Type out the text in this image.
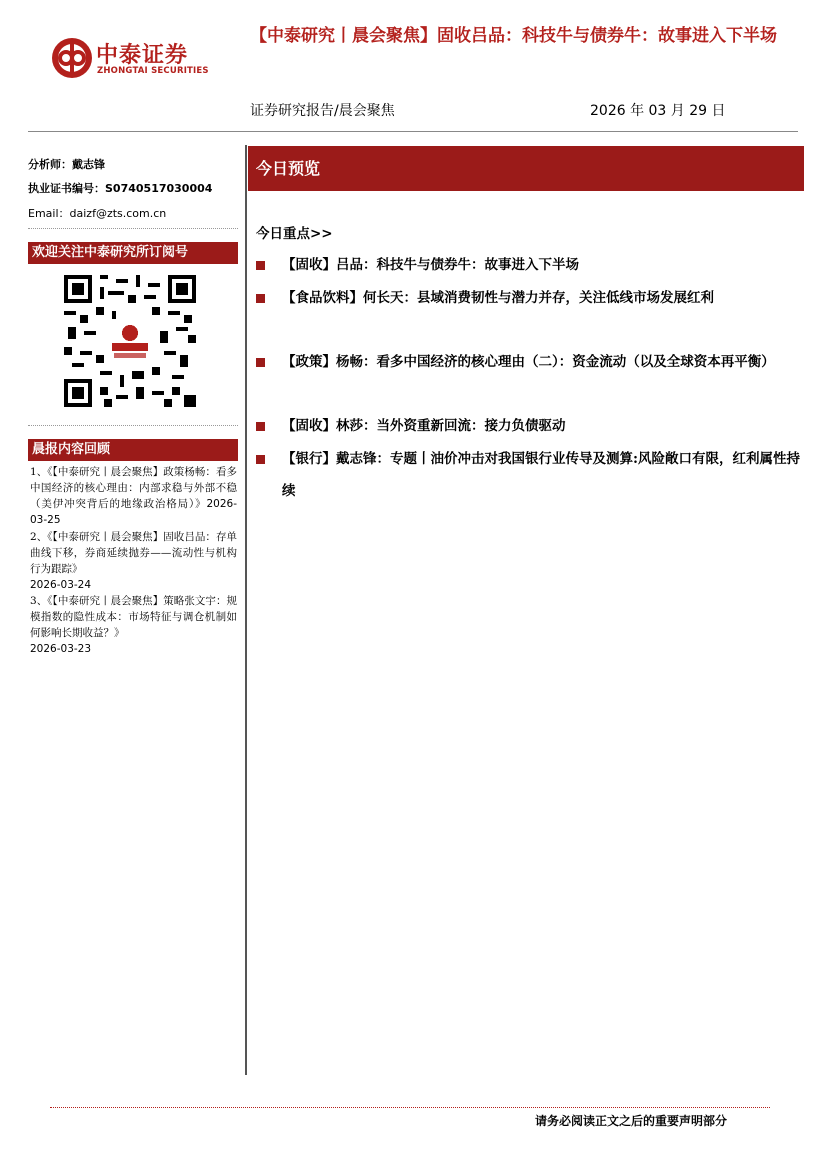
中泰证券
ZHONGTAI SECURITIES
【中泰研究丨晨会聚焦】固收吕品：科技牛与债券牛：故事进入下半场
证券研究报告/晨会聚焦	2026 年 03 月 29 日
分析师：戴志锋
执业证书编号：S0740517030004
Email：daizf@zts.com.cn
欢迎关注中泰研究所订阅号
晨报内容回顾
1、《【中泰研究丨晨会聚焦】政策杨畅：看多中国经济的核心理由：内部求稳与外部不稳（美伊冲突背后的地缘政治格局）》2026-03-25
2、《【中泰研究丨晨会聚焦】固收吕品：存单曲线下移，券商延续抛券——流动性与机构行为跟踪》
2026-03-24
3、《【中泰研究丨晨会聚焦】策略张文宇：规模指数的隐性成本：市场特征与调仓机制如何影响长期收益？》
2026-03-23
今日预览
今日重点>>
【固收】吕品：科技牛与债券牛：故事进入下半场
【食品饮料】何长天：县域消费韧性与潜力并存，关注低线市场发展红利
【政策】杨畅：看多中国经济的核心理由（二）：资金流动（以及全球资本再平衡）
【固收】林莎：当外资重新回流：接力负债驱动
【银行】戴志锋：专题丨油价冲击对我国银行业传导及测算:风险敞口有限，红利属性持续
请务必阅读正文之后的重要声明部分
